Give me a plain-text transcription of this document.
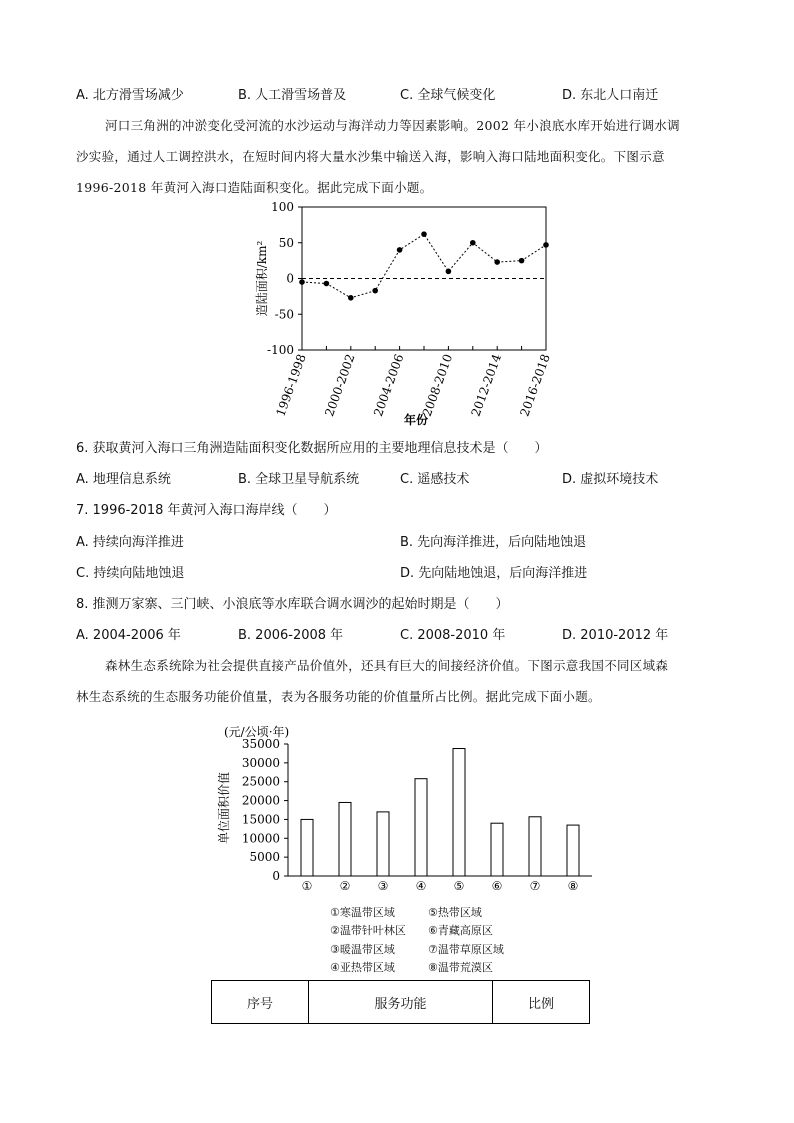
A. 北方滑雪场减少	B. 人工滑雪场普及	C. 全球气候变化	D. 东北人口南迁
河口三角洲的冲淤变化受河流的水沙运动与海洋动力等因素影响。2002 年小浪底水库开始进行调水调
沙实验，通过人工调控洪水，在短时间内将大量水沙集中输送入海，影响入海口陆地面积变化。下图示意
1996-2018 年黄河入海口造陆面积变化。据此完成下面小题。
100
50
0
-50
-100
1996-1998 2000-2002 2004-2006 2008-2010 2012-2014 2016-2018
造陆面积/km²
年份
6. 获取黄河入海口三角洲造陆面积变化数据所应用的主要地理信息技术是（　　）
A. 地理信息系统	B. 全球卫星导航系统	C. 遥感技术	D. 虚拟环境技术
7. 1996-2018 年黄河入海口海岸线（　　）
A. 持续向海洋推进	B. 先向海洋推进，后向陆地蚀退
C. 持续向陆地蚀退	D. 先向陆地蚀退，后向海洋推进
8. 推测万家寨、三门峡、小浪底等水库联合调水调沙的起始时期是（　　）
A. 2004-2006 年	B. 2006-2008 年	C. 2008-2010 年	D. 2010-2012 年
森林生态系统除为社会提供直接产品价值外，还具有巨大的间接经济价值。下图示意我国不同区域森
林生态系统的生态服务功能价值量，表为各服务功能的价值量所占比例。据此完成下面小题。
35000
30000
25000
20000
15000
10000
5000
0
① ② ③ ④ ⑤ ⑥ ⑦ ⑧
(元/公顷·年)
单位面积价值
①寒温带区域	⑤热带区域
②温带针叶林区 ⑥青藏高原区
③暖温带区域	⑦温带草原区域
④亚热带区域	⑧温带荒漠区
序号	服务功能	比例
